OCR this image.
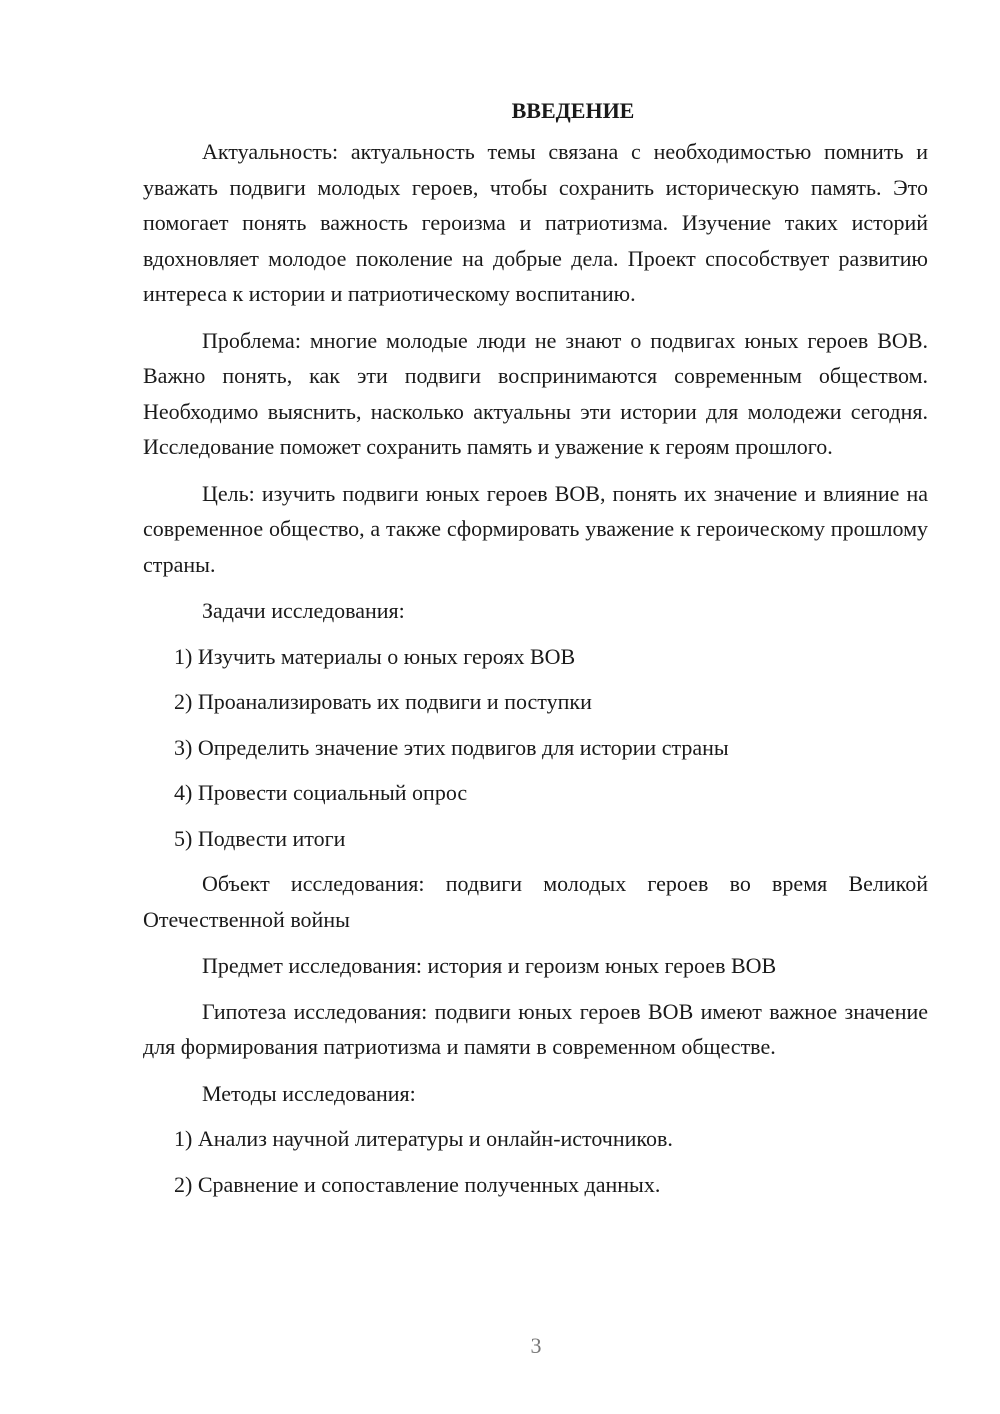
ВВЕДЕНИЕ

Актуальность: актуальность темы связана с необходимостью помнить и уважать подвиги молодых героев, чтобы сохранить историческую память. Это помогает понять важность героизма и патриотизма. Изучение таких историй вдохновляет молодое поколение на добрые дела. Проект способствует развитию интереса к истории и патриотическому воспитанию.

Проблема: многие молодые люди не знают о подвигах юных героев ВОВ. Важно понять, как эти подвиги воспринимаются современным обществом. Необходимо выяснить, насколько актуальны эти истории для молодежи сегодня. Исследование поможет сохранить память и уважение к героям прошлого.

Цель: изучить подвиги юных героев ВОВ, понять их значение и влияние на современное общество, а также сформировать уважение к героическому прошлому страны.

Задачи исследования:

1) Изучить материалы о юных героях ВОВ
2) Проанализировать их подвиги и поступки
3) Определить значение этих подвигов для истории страны
4) Провести социальный опрос
5) Подвести итоги

Объект исследования: подвиги молодых героев во время Великой Отечественной войны

Предмет исследования: история и героизм юных героев ВОВ

Гипотеза исследования: подвиги юных героев ВОВ имеют важное значение для формирования патриотизма и памяти в современном обществе.

Методы исследования:

1) Анализ научной литературы и онлайн-источников.
2) Сравнение и сопоставление полученных данных.
3
